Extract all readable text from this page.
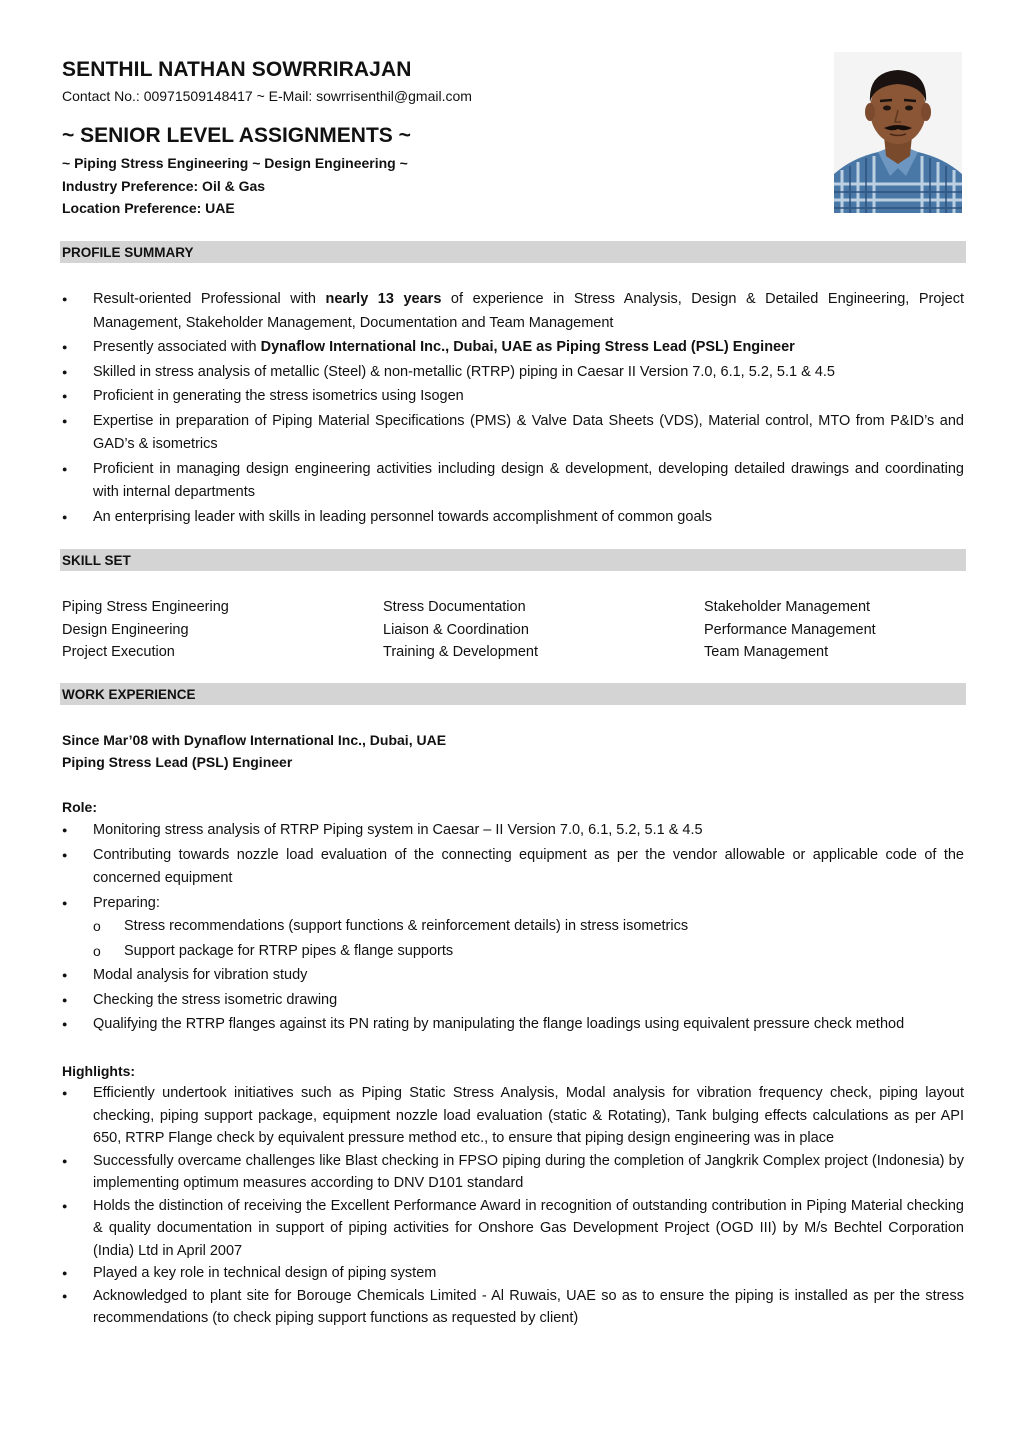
SENTHIL NATHAN SOWRRIRAJAN
Contact No.: 00971509148417 ~ E-Mail: sowrrisenthil@gmail.com
~ SENIOR LEVEL ASSIGNMENTS ~
~ Piping Stress Engineering ~ Design Engineering ~
Industry Preference: Oil & Gas
Location Preference: UAE
PROFILE SUMMARY
● Result-oriented Professional with nearly 13 years of experience in Stress Analysis, Design & Detailed Engineering, Project Management, Stakeholder Management, Documentation and Team Management
● Presently associated with Dynaflow International Inc., Dubai, UAE as Piping Stress Lead (PSL) Engineer
● Skilled in stress analysis of metallic (Steel) & non-metallic (RTRP) piping in Caesar II Version 7.0, 6.1, 5.2, 5.1 & 4.5
● Proficient in generating the stress isometrics using Isogen
● Expertise in preparation of Piping Material Specifications (PMS) & Valve Data Sheets (VDS), Material control, MTO from P&ID’s and GAD’s & isometrics
● Proficient in managing design engineering activities including design & development, developing detailed drawings and coordinating with internal departments
● An enterprising leader with skills in leading personnel towards accomplishment of common goals
SKILL SET
Piping Stress Engineering
Design Engineering
Project Execution
Stress Documentation
Liaison & Coordination
Training & Development
Stakeholder Management
Performance Management
Team Management
WORK EXPERIENCE
Since Mar’08 with Dynaflow International Inc., Dubai, UAE
Piping Stress Lead (PSL) Engineer
Role:
● Monitoring stress analysis of RTRP Piping system in Caesar – II Version 7.0, 6.1, 5.2, 5.1 & 4.5
● Contributing towards nozzle load evaluation of the connecting equipment as per the vendor allowable or applicable code of the concerned equipment
● Preparing:
o Stress recommendations (support functions & reinforcement details) in stress isometrics
o Support package for RTRP pipes & flange supports
● Modal analysis for vibration study
● Checking the stress isometric drawing
● Qualifying the RTRP flanges against its PN rating by manipulating the flange loadings using equivalent pressure check method
Highlights:
● Efficiently undertook initiatives such as Piping Static Stress Analysis, Modal analysis for vibration frequency check, piping layout checking, piping support package, equipment nozzle load evaluation (static & Rotating), Tank bulging effects calculations as per API 650, RTRP Flange check by equivalent pressure method etc., to ensure that piping design engineering was in place
● Successfully overcame challenges like Blast checking in FPSO piping during the completion of Jangkrik Complex project (Indonesia) by implementing optimum measures according to DNV D101 standard
● Holds the distinction of receiving the Excellent Performance Award in recognition of outstanding contribution in Piping Material checking & quality documentation in support of piping activities for Onshore Gas Development Project (OGD III) by M/s Bechtel Corporation (India) Ltd in April 2007
● Played a key role in technical design of piping system
● Acknowledged to plant site for Borouge Chemicals Limited - Al Ruwais, UAE so as to ensure the piping is installed as per the stress recommendations (to check piping support functions as requested by client)
